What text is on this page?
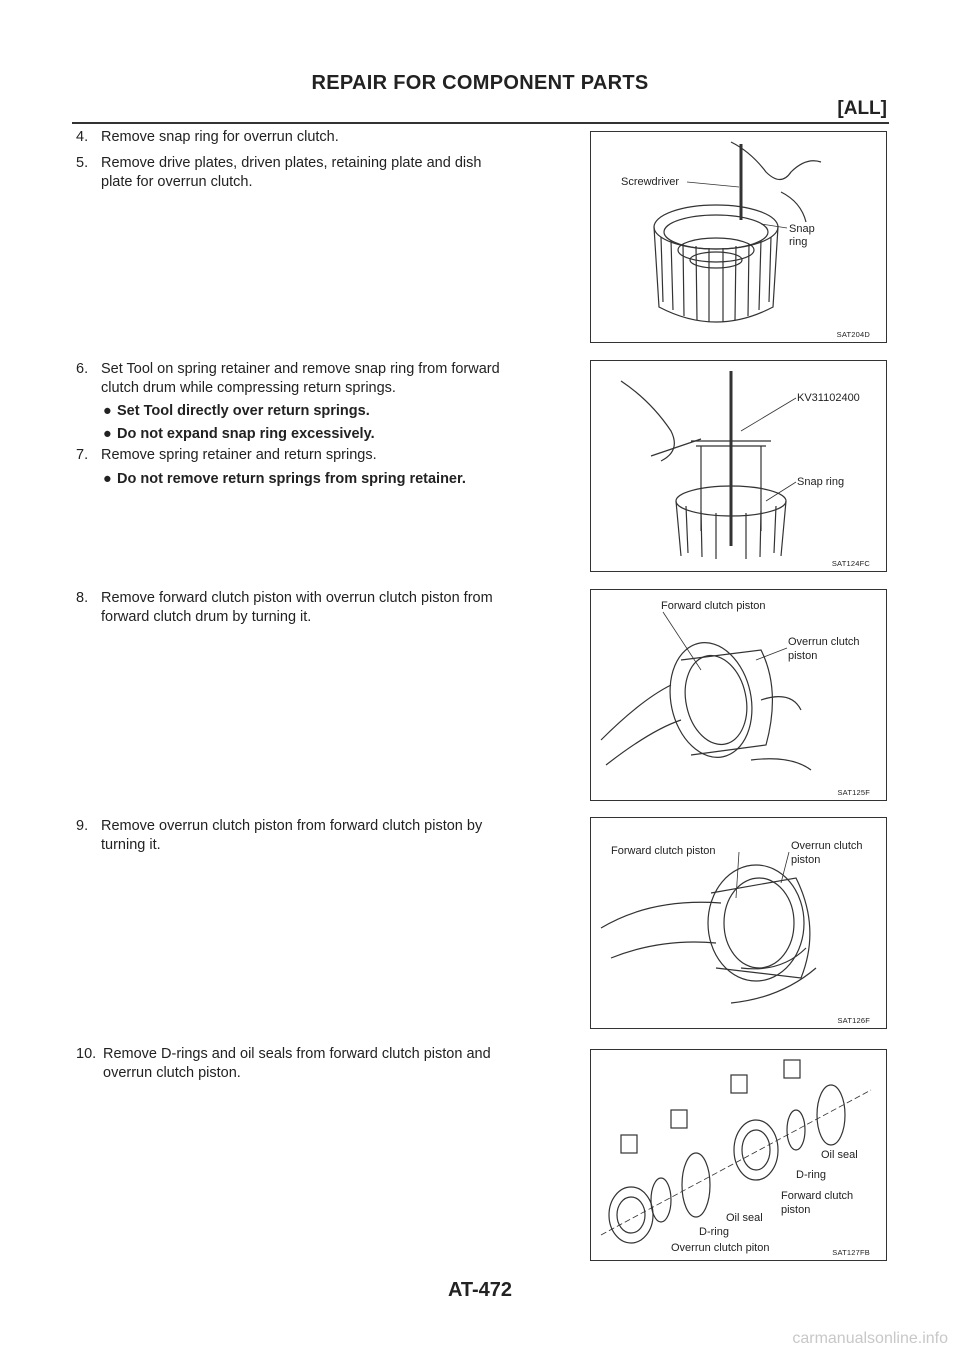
REPAIR FOR COMPONENT PARTS
[ALL]
4. Remove snap ring for overrun clutch.
5. Remove drive plates, driven plates, retaining plate and dish
plate for overrun clutch.
6. Set Tool on spring retainer and remove snap ring from forward
clutch drum while compressing return springs.
● Set Tool directly over return springs.
● Do not expand snap ring excessively.
7. Remove spring retainer and return springs.
● Do not remove return springs from spring retainer.
8. Remove forward clutch piston with overrun clutch piston from
forward clutch drum by turning it.
9. Remove overrun clutch piston from forward clutch piston by
turning it.
10. Remove D-rings and oil seals from forward clutch piston and
overrun clutch piston.
Screwdriver
Snap
ring
SAT204D
KV31102400
Snap ring
SAT124FC
Forward clutch piston
Overrun clutch
piston
SAT125F
Forward clutch piston	Overrun clutch
piston
SAT126F
Oil seal
D-ring
Forward clutch
piston
Oil seal
D-ring
Overrun clutch piton	SAT127FB
AT-472
carmanualsonline.info
